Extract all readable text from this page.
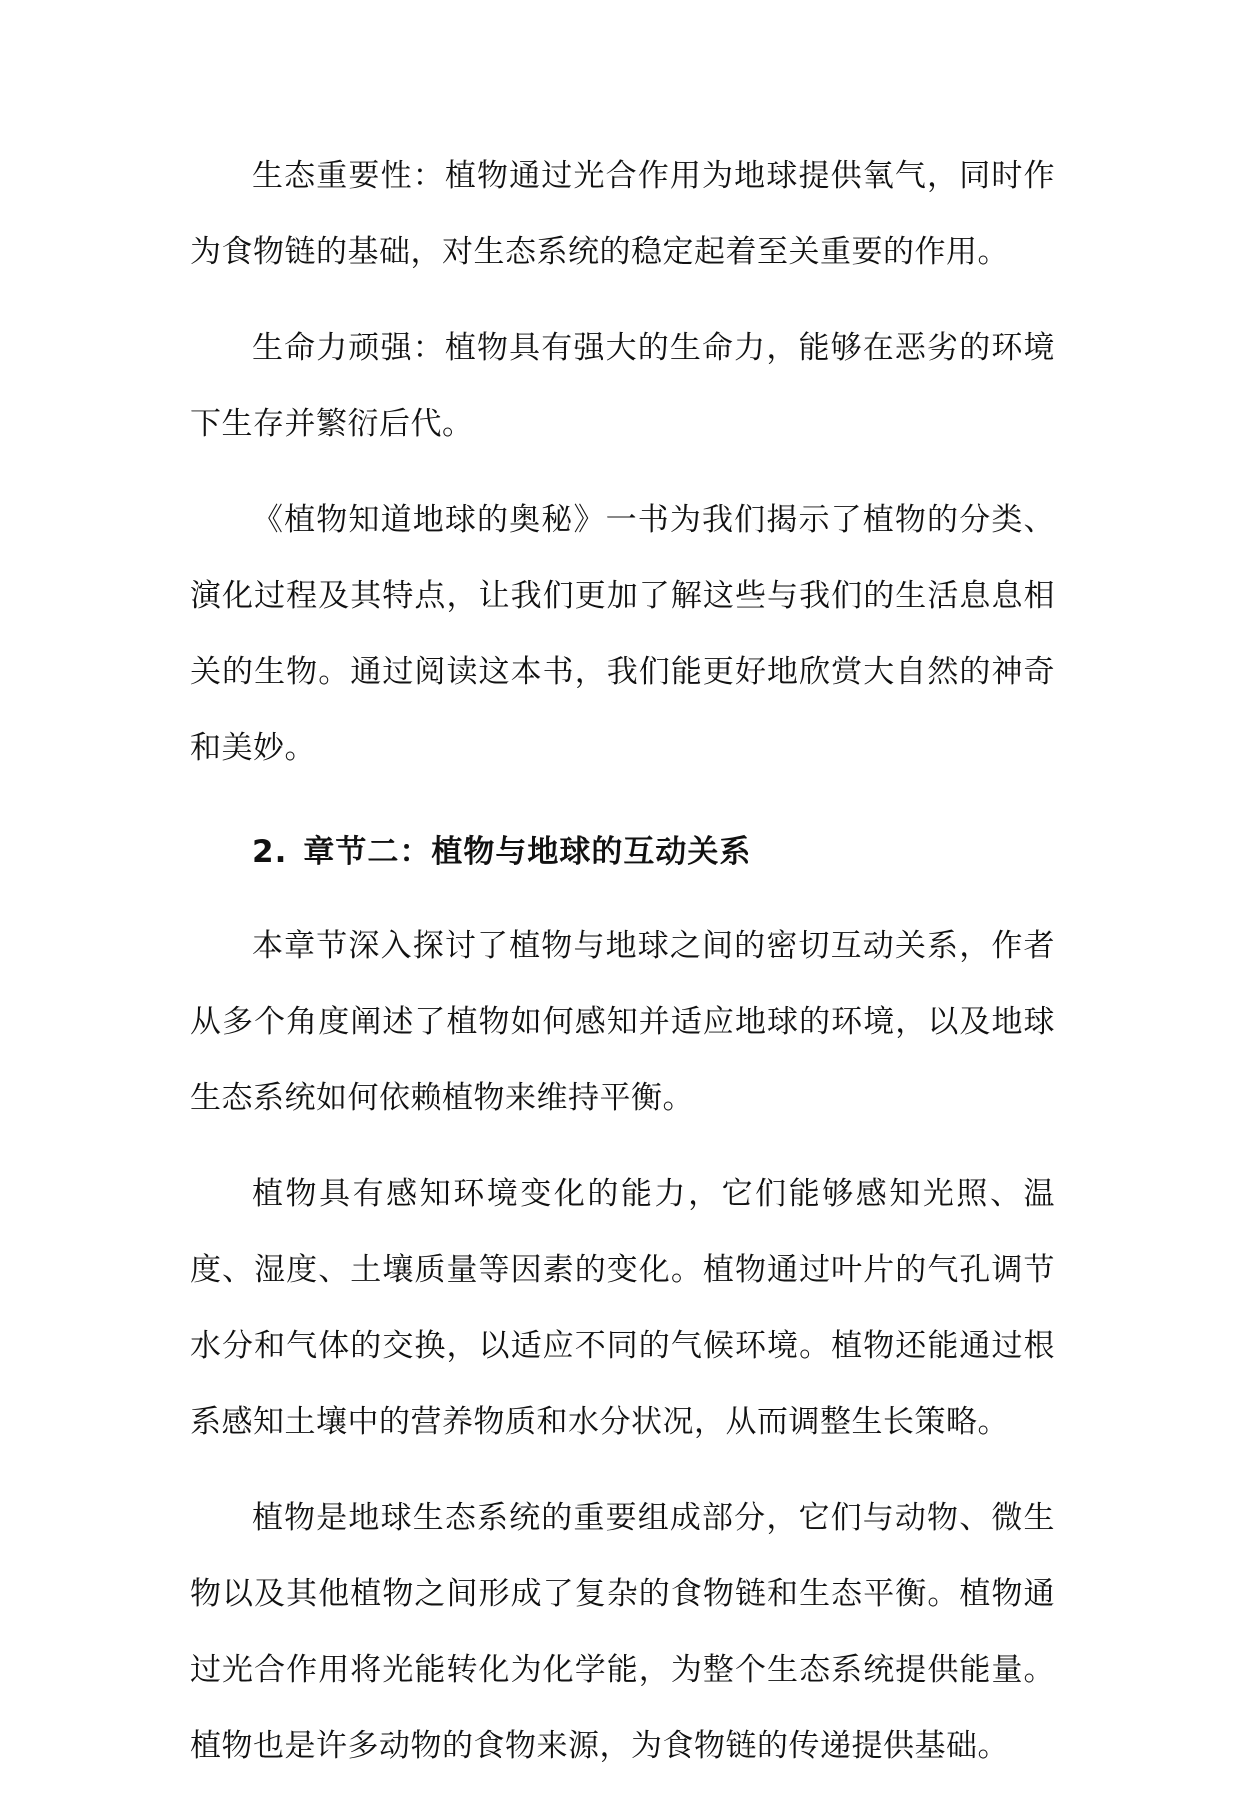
生态重要性：植物通过光合作用为地球提供氧气，同时作为食物链的基础，对生态系统的稳定起着至关重要的作用。

生命力顽强：植物具有强大的生命力，能够在恶劣的环境下生存并繁衍后代。

《植物知道地球的奥秘》一书为我们揭示了植物的分类、演化过程及其特点，让我们更加了解这些与我们的生活息息相关的生物。通过阅读这本书，我们能更好地欣赏大自然的神奇和美妙。

2. 章节二：植物与地球的互动关系

本章节深入探讨了植物与地球之间的密切互动关系，作者从多个角度阐述了植物如何感知并适应地球的环境，以及地球生态系统如何依赖植物来维持平衡。

植物具有感知环境变化的能力，它们能够感知光照、温度、湿度、土壤质量等因素的变化。植物通过叶片的气孔调节水分和气体的交换，以适应不同的气候环境。植物还能通过根系感知土壤中的营养物质和水分状况，从而调整生长策略。

植物是地球生态系统的重要组成部分，它们与动物、微生物以及其他植物之间形成了复杂的食物链和生态平衡。植物通过光合作用将光能转化为化学能，为整个生态系统提供能量。植物也是许多动物的食物来源，为食物链的传递提供基础。
